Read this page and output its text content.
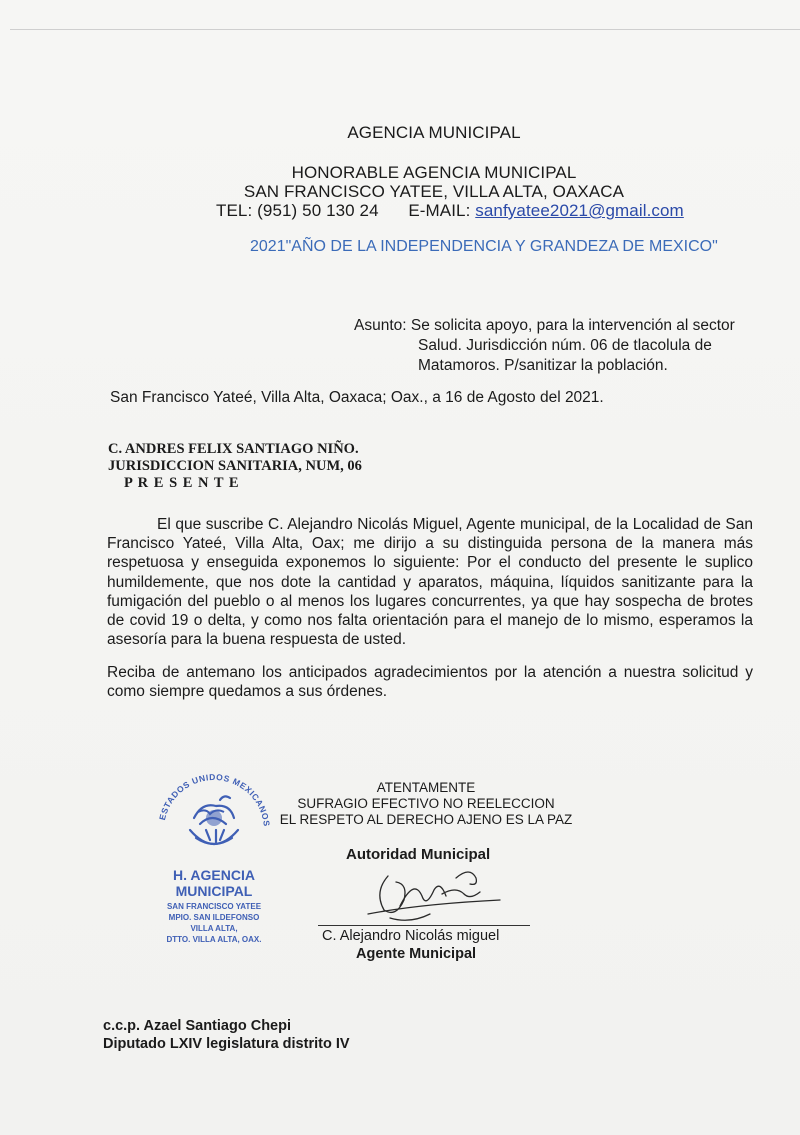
AGENCIA MUNICIPAL
HONORABLE AGENCIA MUNICIPAL
SAN FRANCISCO YATEE, VILLA ALTA, OAXACA
TEL: (951) 50 130 24 E-MAIL: sanfyatee2021@gmail.com
2021"AÑO DE LA INDEPENDENCIA Y GRANDEZA DE MEXICO"
Asunto: Se solicita apoyo, para la intervención al sector
Salud. Jurisdicción núm. 06 de tlacolula de
Matamoros. P/sanitizar la población.
San Francisco Yateé, Villa Alta, Oaxaca; Oax., a 16 de Agosto del 2021.
C. ANDRES FELIX SANTIAGO NIÑO.
JURISDICCION SANITARIA, NUM, 06
P R E S E N T E
El que suscribe C. Alejandro Nicolás Miguel, Agente municipal, de la Localidad de San Francisco Yateé, Villa Alta, Oax; me dirijo a su distinguida persona de la manera más respetuosa y enseguida exponemos lo siguiente: Por el conducto del presente le suplico humildemente, que nos dote la cantidad y aparatos, máquina, líquidos sanitizante para la fumigación del pueblo o al menos los lugares concurrentes, ya que hay sospecha de brotes de covid 19 o delta, y como nos falta orientación para el manejo de lo mismo, esperamos la asesoría para la buena respuesta de usted.
Reciba de antemano los anticipados agradecimientos por la atención a nuestra solicitud y como siempre quedamos a sus órdenes.
ESTADOS UNIDOS MEXICANOS
H. AGENCIA
MUNICIPAL
SAN FRANCISCO YATEE
MPIO. SAN ILDEFONSO
VILLA ALTA,
DTTO. VILLA ALTA, OAX.
ATENTAMENTE
SUFRAGIO EFECTIVO NO REELECCION
EL RESPETO AL DERECHO AJENO ES LA PAZ
Autoridad Municipal
C. Alejandro Nicolás miguel
Agente Municipal
c.c.p. Azael Santiago Chepi
Diputado LXIV legislatura distrito IV
